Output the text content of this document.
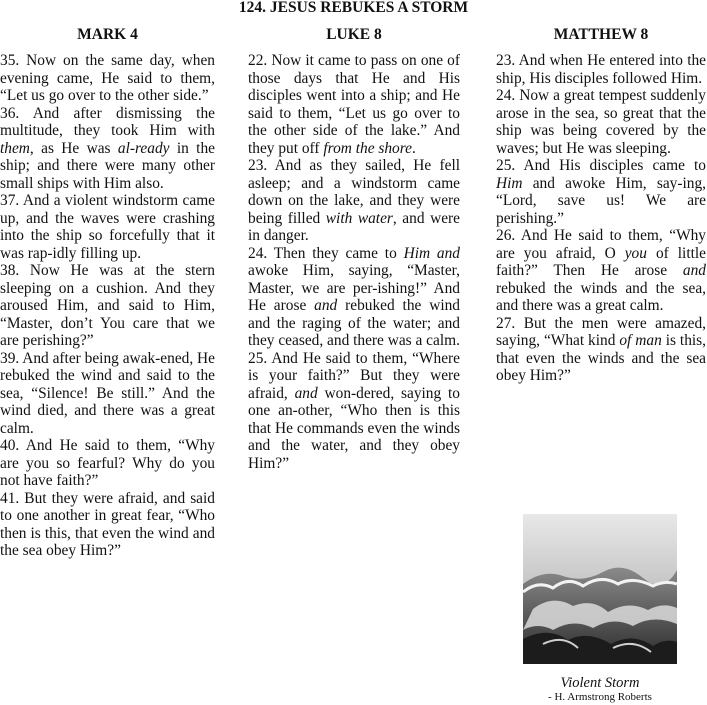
124. JESUS REBUKES A STORM
MARK 4	LUKE 8	MATTHEW 8

35. Now on the same day, when evening came, He said to them, “Let us go over to the other side.”

36. And after dismissing the multitude, they took Him with them, as He was al-ready in the ship; and there were many other small ships with Him also.

37. And a violent windstorm came up, and the waves were crashing into the ship so forcefully that it was rap-idly filling up.

38. Now He was at the stern sleeping on a cushion. And they aroused Him, and said to Him, “Master, don’t You care that we are perishing?”

39. And after being awak-ened, He rebuked the wind and said to the sea, “Silence! Be still.” And the wind died, and there was a great calm.

40. And He said to them, “Why are you so fearful? Why do you not have faith?”

41. But they were afraid, and said to one another in great fear, “Who then is this, that even the wind and the sea obey Him?”

22. Now it came to pass on one of those days that He and His disciples went into a ship; and He said to them, “Let us go over to the other side of the lake.” And they put off from the shore.

23. And as they sailed, He fell asleep; and a windstorm came down on the lake, and they were being filled with water, and were in danger.

24. Then they came to Him and awoke Him, saying, “Master, Master, we are per-ishing!” And He arose and rebuked the wind and the raging of the water; and they ceased, and there was a calm.

25. And He said to them, “Where is your faith?” But they were afraid, and won-dered, saying to one an-other, “Who then is this that He commands even the winds and the water, and they obey Him?”

23. And when He entered into the ship, His disciples followed Him.

24. Now a great tempest suddenly arose in the sea, so great that the ship was being covered by the waves; but He was sleeping.

25. And His disciples came to Him and awoke Him, say-ing, “Lord, save us! We are perishing.”

26. And He said to them, “Why are you afraid, O you of little faith?” Then He arose and rebuked the winds and the sea, and there was a great calm.

27. But the men were amazed, saying, “What kind of man is this, that even the winds and the sea obey Him?”

Violent Storm
- H. Armstrong Roberts
